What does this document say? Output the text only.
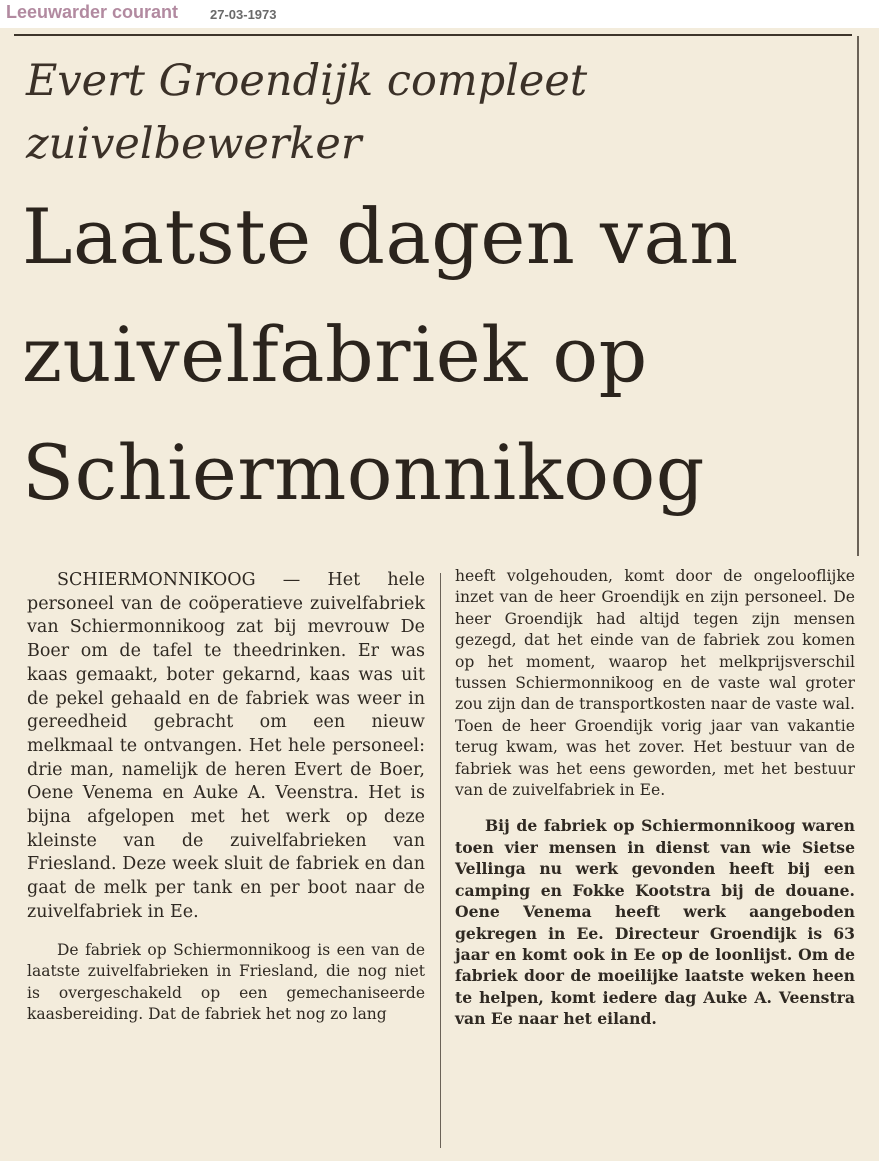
Leeuwarder courant 27-03-1973
Evert Groendijk compleet zuivelbewerker
Laatste dagen van zuivelfabriek op Schiermonnikoog

SCHIERMONNIKOOG — Het hele personeel van de coöperatieve zuivelfabriek van Schiermonnikoog zat bij mevrouw De Boer om de tafel te theedrinken. Er was kaas gemaakt, boter gekarnd, kaas was uit de pekel gehaald en de fabriek was weer in gereedheid gebracht om een nieuw melkmaal te ontvangen. Het hele personeel: drie man, namelijk de heren Evert de Boer, Oene Venema en Auke A. Veenstra. Het is bijna afgelopen met het werk op deze kleinste van de zuivelfabrieken van Friesland. Deze week sluit de fabriek en dan gaat de melk per tank en per boot naar de zuivelfabriek in Ee.

De fabriek op Schiermonnikoog is een van de laatste zuivelfabrieken in Friesland, die nog niet is overgeschakeld op een gemechaniseerde kaasbereiding. Dat de fabriek het nog zo lang

heeft volgehouden, komt door de ongelooflijke inzet van de heer Groendijk en zijn personeel. De heer Groendijk had altijd tegen zijn mensen gezegd, dat het einde van de fabriek zou komen op het moment, waarop het melkprijsverschil tussen Schiermonnikoog en de vaste wal groter zou zijn dan de transportkosten naar de vaste wal. Toen de heer Groendijk vorig jaar van vakantie terug kwam, was het zover. Het bestuur van de fabriek was het eens geworden, met het bestuur van de zuivelfabriek in Ee.

Bij de fabriek op Schiermonnikoog waren toen vier mensen in dienst van wie Sietse Vellinga nu werk gevonden heeft bij een camping en Fokke Kootstra bij de douane. Oene Venema heeft werk aangeboden gekregen in Ee. Directeur Groendijk is 63 jaar en komt ook in Ee op de loonlijst. Om de fabriek door de moeilijke laatste weken heen te helpen, komt iedere dag Auke A. Veenstra van Ee naar het eiland.
